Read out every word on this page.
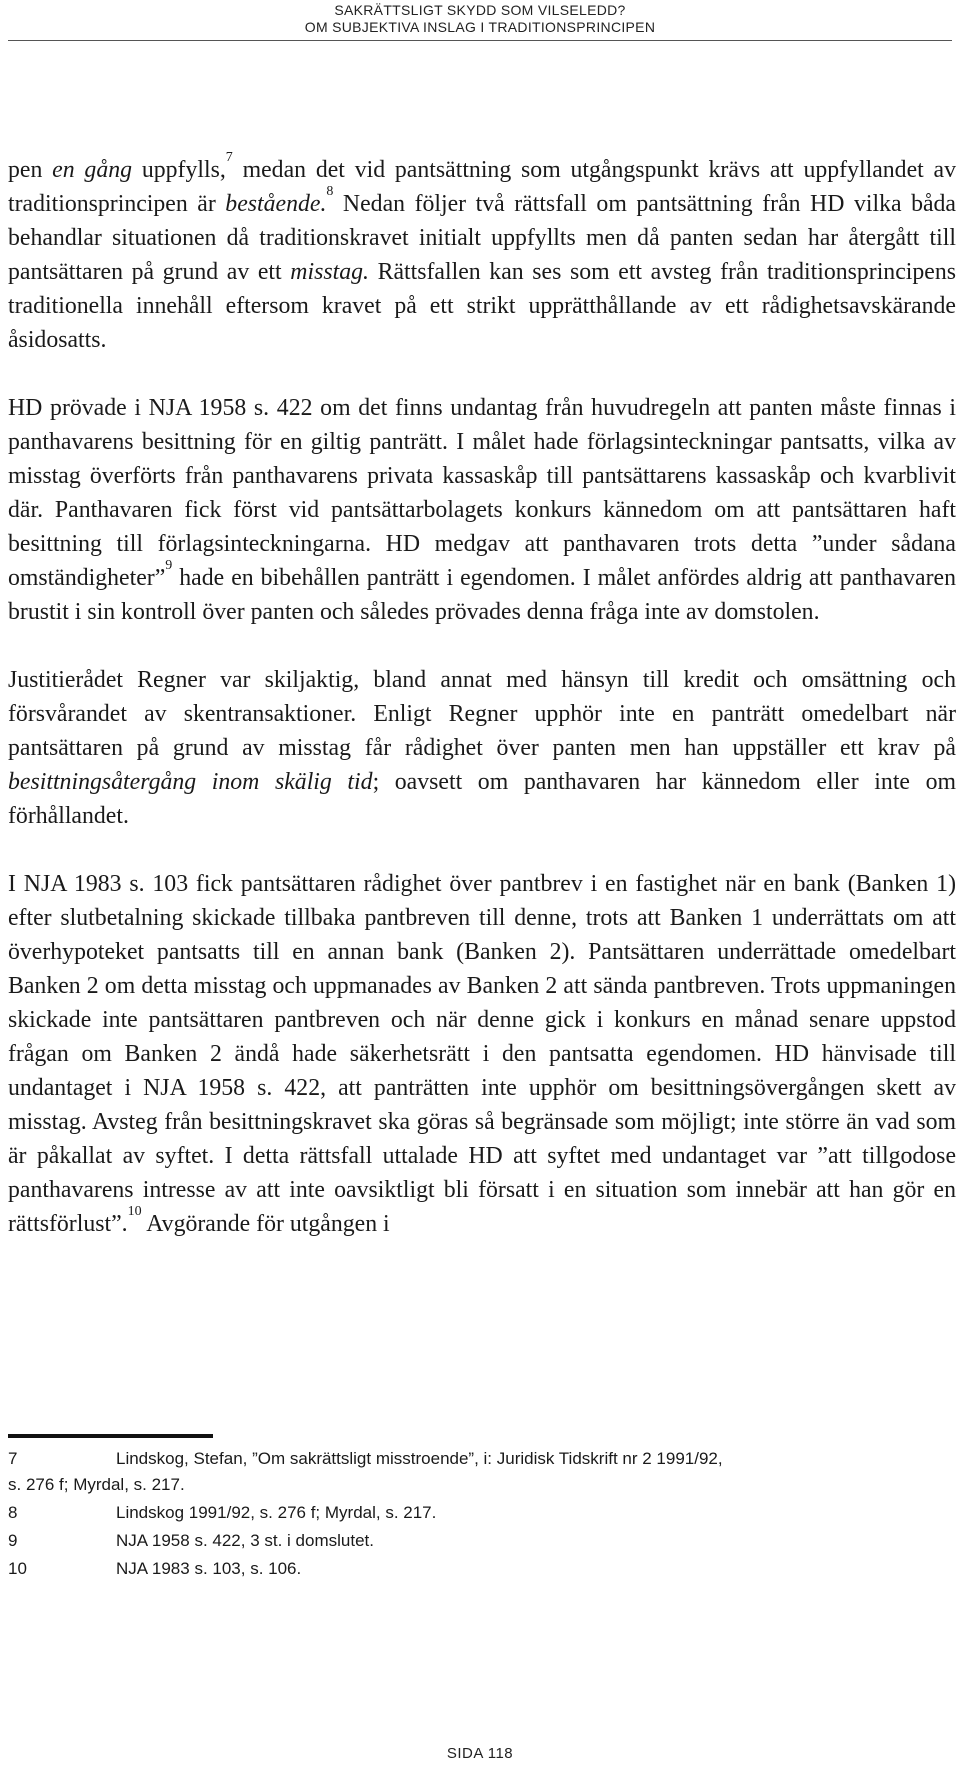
SAKRÄTTSLIGT SKYDD SOM VILSELEDD?
OM SUBJEKTIVA INSLAG I TRADITIONSPRINCIPEN

pen en gång uppfylls,$^7$ medan det vid pantsättning som utgångspunkt krävs att uppfyllandet av traditionsprincipen är bestående.$^8$ Nedan följer två rättsfall om pantsättning från HD vilka båda behandlar situationen då traditionskravet initialt uppfyllts men då panten sedan har återgått till pantsättaren på grund av ett misstag. Rättsfallen kan ses som ett avsteg från traditionsprincipens traditionella innehåll eftersom kravet på ett strikt upprätthållande av ett rådighetsavskärande åsidosatts.

HD prövade i NJA 1958 s. 422 om det finns undantag från huvudregeln att panten måste finnas i panthavarens besittning för en giltig panträtt. I målet hade förlagsinteckningar pantsatts, vilka av misstag överförts från panthavarens privata kassaskåp till pantsättarens kassaskåp och kvarblivit där. Panthavaren fick först vid pantsättarbolagets konkurs kännedom om att pantsättaren haft besittning till förlagsinteckningarna. HD medgav att panthavaren trots detta ”under sådana omständigheter”$^9$ hade en bibehållen panträtt i egendomen. I målet anfördes aldrig att panthavaren brustit i sin kontroll över panten och således prövades denna fråga inte av domstolen.

Justitierådet Regner var skiljaktig, bland annat med hänsyn till kredit och omsättning och försvårandet av skentransaktioner. Enligt Regner upphör inte en panträtt omedelbart när pantsättaren på grund av misstag får rådighet över panten men han uppställer ett krav på besittningsåtergång inom skälig tid; oavsett om panthavaren har kännedom eller inte om förhållandet.

I NJA 1983 s. 103 fick pantsättaren rådighet över pantbrev i en fastighet när en bank (Banken 1) efter slutbetalning skickade tillbaka pantbreven till denne, trots att Banken 1 underrättats om att överhypoteket pantsatts till en annan bank (Banken 2). Pantsättaren underrättade omedelbart Banken 2 om detta misstag och uppmanades av Banken 2 att sända pantbreven. Trots uppmaningen skickade inte pantsättaren pantbreven och när denne gick i konkurs en månad senare uppstod frågan om Banken 2 ändå hade säkerhetsrätt i den pantsatta egendomen. HD hänvisade till undantaget i NJA 1958 s. 422, att panträtten inte upphör om besittningsövergången skett av misstag. Avsteg från besittningskravet ska göras så begränsade som möjligt; inte större än vad som är påkallat av syftet. I detta rättsfall uttalade HD att syftet med undantaget var ”att tillgodose panthavarens intresse av att inte oavsiktligt bli försatt i en situation som innebär att han gör en rättsförlust”.$^{10}$ Avgörande för utgången i

7	Lindskog, Stefan, ”Om sakrättsligt misstroende”, i: Juridisk Tidskrift nr 2 1991/92,
s. 276 f; Myrdal, s. 217.
8	Lindskog 1991/92, s. 276 f; Myrdal, s. 217.
9	NJA 1958 s. 422, 3 st. i domslutet.
10	NJA 1983 s. 103, s. 106.
SIDA 118
